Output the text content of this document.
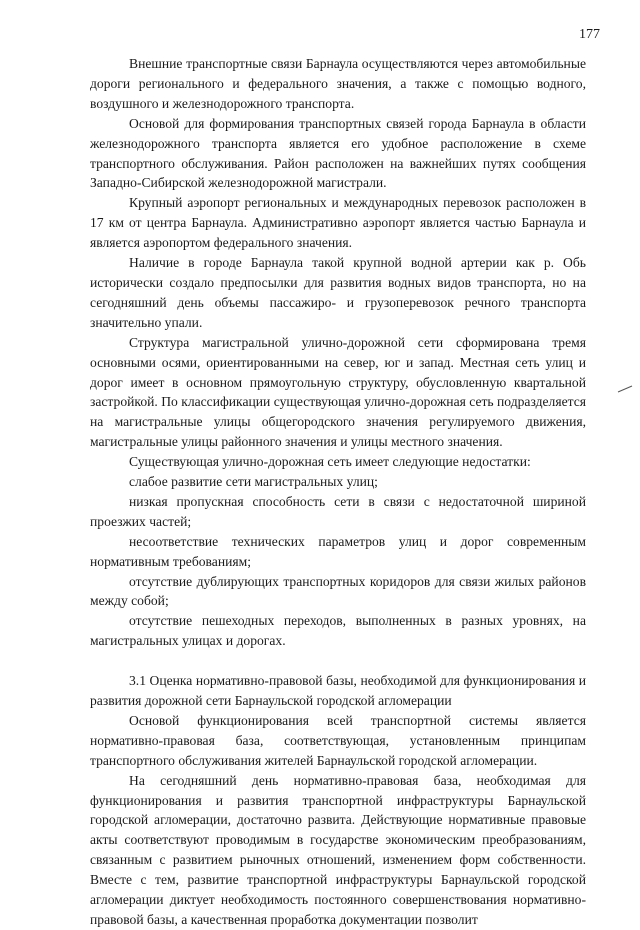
177

Внешние транспортные связи Барнаула осуществляются через автомобильные дороги регионального и федерального значения, а также с помощью водного, воздушного и железнодорожного транспорта.

Основой для формирования транспортных связей города Барнаула в области железнодорожного транспорта является его удобное расположение в схеме транспортного обслуживания. Район расположен на важнейших путях сообщения Западно-Сибирской железнодорожной магистрали.

Крупный аэропорт региональных и международных перевозок расположен в 17 км от центра Барнаула. Административно аэропорт является частью Барнаула и является аэропортом федерального значения.

Наличие в городе Барнаула такой крупной водной артерии как р. Обь исторически создало предпосылки для развития водных видов транспорта, но на сегодняшний день объемы пассажиро- и грузоперевозок речного транспорта значительно упали.

Структура магистральной улично-дорожной сети сформирована тремя основными осями, ориентированными на север, юг и запад. Местная сеть улиц и дорог имеет в основном прямоугольную структуру, обусловленную квартальной застройкой. По классификации существующая улично-дорожная сеть подразделяется на магистральные улицы общегородского значения регулируемого движения, магистральные улицы районного значения и улицы местного значения.

Существующая улично-дорожная сеть имеет следующие недостатки:

слабое развитие сети магистральных улиц;

низкая пропускная способность сети в связи с недостаточной шириной проезжих частей;

несоответствие технических параметров улиц и дорог современным нормативным требованиям;

отсутствие дублирующих транспортных коридоров для связи жилых районов между собой;

отсутствие пешеходных переходов, выполненных в разных уровнях, на магистральных улицах и дорогах.

3.1 Оценка нормативно-правовой базы, необходимой для функционирования и развития дорожной сети Барнаульской городской агломерации

Основой функционирования всей транспортной системы является нормативно-правовая база, соответствующая, установленным принципам транспортного обслуживания жителей Барнаульской городской агломерации.

На сегодняшний день нормативно-правовая база, необходимая для функционирования и развития транспортной инфраструктуры Барнаульской городской агломерации, достаточно развита. Действующие нормативные правовые акты соответствуют проводимым в государстве экономическим преобразованиям, связанным с развитием рыночных отношений, изменением форм собственности. Вместе с тем, развитие транспортной инфраструктуры Барнаульской городской агломерации диктует необходимость постоянного совершенствования нормативно-правовой базы, а качественная проработка документации позволит
